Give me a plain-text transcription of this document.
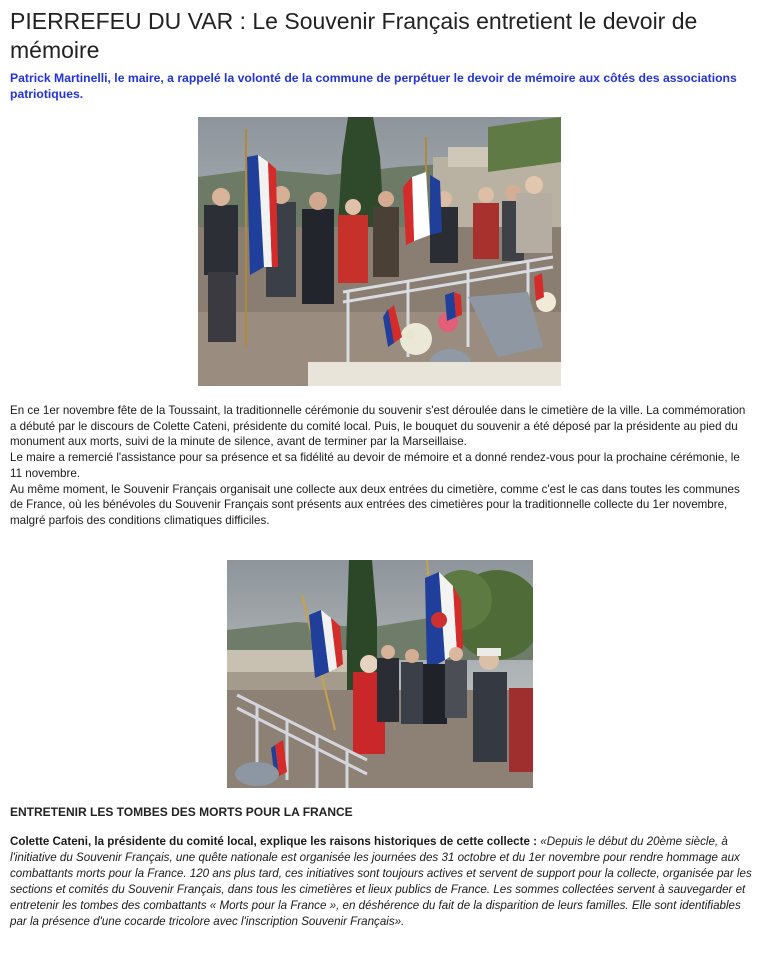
PIERREFEU DU VAR : Le Souvenir Français entretient le devoir de mémoire

Patrick Martinelli, le maire, a rappelé la volonté de la commune de perpétuer le devoir de mémoire aux côtés des associations patriotiques.

En ce 1er novembre fête de la Toussaint, la traditionnelle cérémonie du souvenir s'est déroulée dans le cimetière de la ville. La commémoration a débuté par le discours de Colette Cateni, présidente du comité local. Puis, le bouquet du souvenir a été déposé par la présidente au pied du monument aux morts, suivi de la minute de silence, avant de terminer par la Marseillaise.

Le maire a remercié l'assistance pour sa présence et sa fidélité au devoir de mémoire et a donné rendez-vous pour la prochaine cérémonie, le 11 novembre.

Au même moment, le Souvenir Français organisait une collecte aux deux entrées du cimetière, comme c'est le cas dans toutes les communes de France, où les bénévoles du Souvenir Français sont présents aux entrées des cimetières pour la traditionnelle collecte du 1er novembre, malgré parfois des conditions climatiques difficiles.

ENTRETENIR LES TOMBES DES MORTS POUR LA FRANCE

Colette Cateni, la présidente du comité local, explique les raisons historiques de cette collecte : «Depuis le début du 20ème siècle, à l'initiative du Souvenir Français, une quête nationale est organisée les journées des 31 octobre et du 1er novembre pour rendre hommage aux combattants morts pour la France. 120 ans plus tard, ces initiatives sont toujours actives et servent de support pour la collecte, organisée par les sections et comités du Souvenir Français, dans tous les cimetières et lieux publics de France. Les sommes collectées servent à sauvegarder et entretenir les tombes des combattants « Morts pour la France », en déshérence du fait de la disparition de leurs familles. Elle sont identifiables par la présence d'une cocarde tricolore avec l'inscription Souvenir Français».
